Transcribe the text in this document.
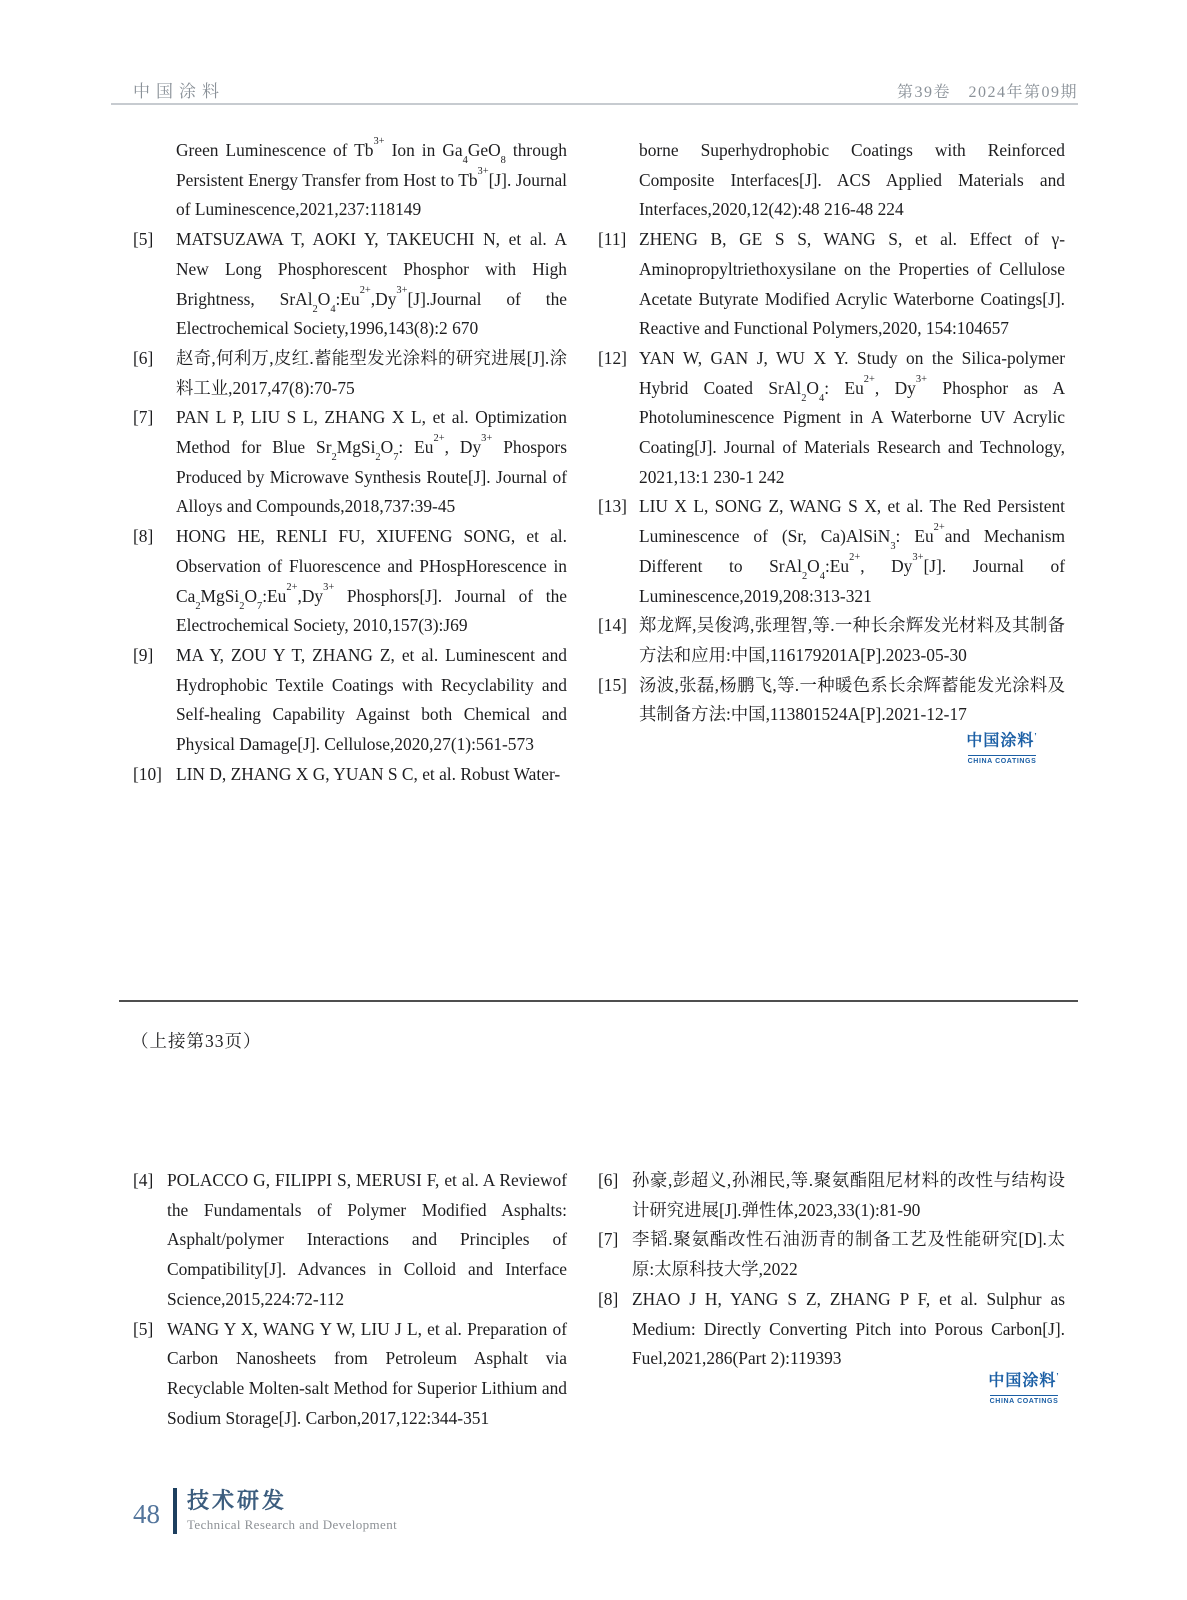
中国涂料	第39卷　2024年第09期
Green Luminescence of $Tb^{3+}$ Ion in $Ga_4GeO_8$ through Persistent Energy Transfer from Host to $Tb^{3+}[J]$. Journal of Luminescence,2021,237:118149
[5] MATSUZAWA T, AOKI Y, TAKEUCHI N, et al. A New Long Phosphorescent Phosphor with High Brightness, $SrAl_2O_4:Eu^{2+},Dy^{3+}[J].Journal$ of the Electrochemical Society,1996,143(8):2 670
[6] 赵奇,何利万,皮红.蓄能型发光涂料的研究进展[J].涂料工业,2017,47(8):70-75
[7] PAN L P, LIU S L, ZHANG X L, et al. Optimization Method for Blue $Sr_2MgSi_2O_7$: $Eu^{2+}$, $Dy^{3+}$ Phospors Produced by Microwave Synthesis Route[J]. Journal of Alloys and Compounds,2018,737:39-45
[8] HONG HE, RENLI FU, XIUFENG SONG, et al. Observation of Fluorescence and PHospHorescence in $Ca_2MgSi_2O_7:Eu^{2+},Dy^{3+}$ Phosphors[J]. Journal of the Electrochemical Society, 2010,157(3):J69
[9] MA Y, ZOU Y T, ZHANG Z, et al. Luminescent and Hydrophobic Textile Coatings with Recyclability and Self-healing Capability Against both Chemical and Physical Damage[J]. Cellulose,2020,27(1):561-573
[10] LIN D, ZHANG X G, YUAN S C, et al. Robust Water-
borne Superhydrophobic Coatings with Reinforced Composite Interfaces[J]. ACS Applied Materials and Interfaces,2020,12(42):48 216-48 224
[11] ZHENG B, GE S S, WANG S, et al. Effect of γ-Aminopropyltriethoxysilane on the Properties of Cellulose Acetate Butyrate Modified Acrylic Waterborne Coatings[J]. Reactive and Functional Polymers,2020, 154:104657
[12] YAN W, GAN J, WU X Y. Study on the Silica-polymer Hybrid Coated $SrAl_2O_4$: $Eu^{2+}$, $Dy^{3+}$ Phosphor as A Photoluminescence Pigment in A Waterborne UV Acrylic Coating[J]. Journal of Materials Research and Technology, 2021,13:1 230-1 242
[13] LIU X L, SONG Z, WANG S X, et al. The Red Persistent Luminescence of (Sr, Ca)AlSiN$_3$: $Eu^{2+}and$ Mechanism Different to $SrAl_2O_4:Eu^{2+}$, $Dy^{3+}[J]$. Journal of Luminescence,2019,208:313-321
[14] 郑龙辉,吴俊鸿,张理智,等.一种长余辉发光材料及其制备方法和应用:中国,116179201A[P].2023-05-30
[15] 汤波,张磊,杨鹏飞,等.一种暖色系长余辉蓄能发光涂料及其制备方法:中国,113801524A[P].2021-12-17
中国涂料’
CHINA COATINGS
（上接第33页）
[4] POLACCO G, FILIPPI S, MERUSI F, et al. A Reviewof the Fundamentals of Polymer Modified Asphalts: Asphalt/polymer Interactions and Principles of Compatibility[J]. Advances in Colloid and Interface Science,2015,224:72-112
[5] WANG Y X, WANG Y W, LIU J L, et al. Preparation of Carbon Nanosheets from Petroleum Asphalt via Recyclable Molten-salt Method for Superior Lithium and Sodium Storage[J]. Carbon,2017,122:344-351
[6] 孙豪,彭超义,孙湘民,等.聚氨酯阻尼材料的改性与结构设计研究进展[J].弹性体,2023,33(1):81-90
[7] 李韬.聚氨酯改性石油沥青的制备工艺及性能研究[D].太原:太原科技大学,2022
[8] ZHAO J H, YANG S Z, ZHANG P F, et al. Sulphur as Medium: Directly Converting Pitch into Porous Carbon[J]. Fuel,2021,286(Part 2):119393
中国涂料’
CHINA COATINGS
48 技术研发
Technical Research and Development
